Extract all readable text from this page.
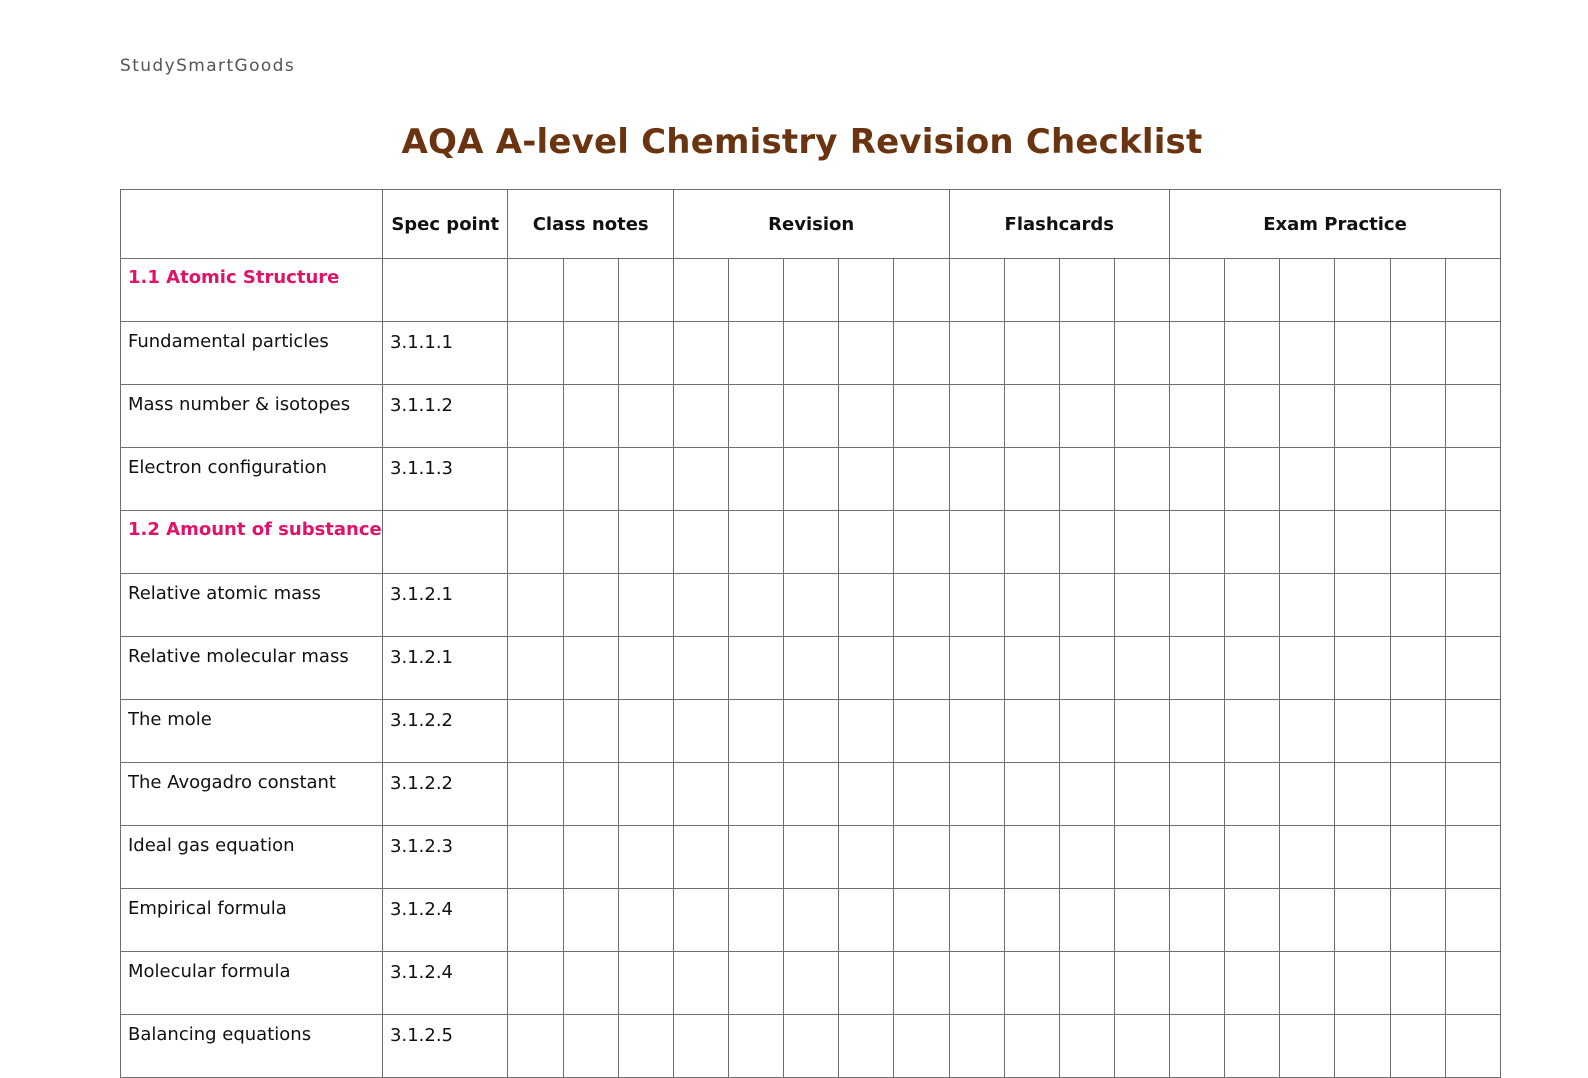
StudySmartGoods
AQA A-level Chemistry Revision Checklist
	Spec point	Class notes			Revision					Flashcards				Exam Practice					
1.1 Atomic Structure																			
Fundamental particles	3.1.1.1																		
Mass number & isotopes	3.1.1.2																		
Electron configuration	3.1.1.3																		
1.2 Amount of substance																			
Relative atomic mass	3.1.2.1																		
Relative molecular mass	3.1.2.1																		
The mole	3.1.2.2																		
The Avogadro constant	3.1.2.2																		
Ideal gas equation	3.1.2.3																		
Empirical formula	3.1.2.4																		
Molecular formula	3.1.2.4																		
Balancing equations	3.1.2.5																		
